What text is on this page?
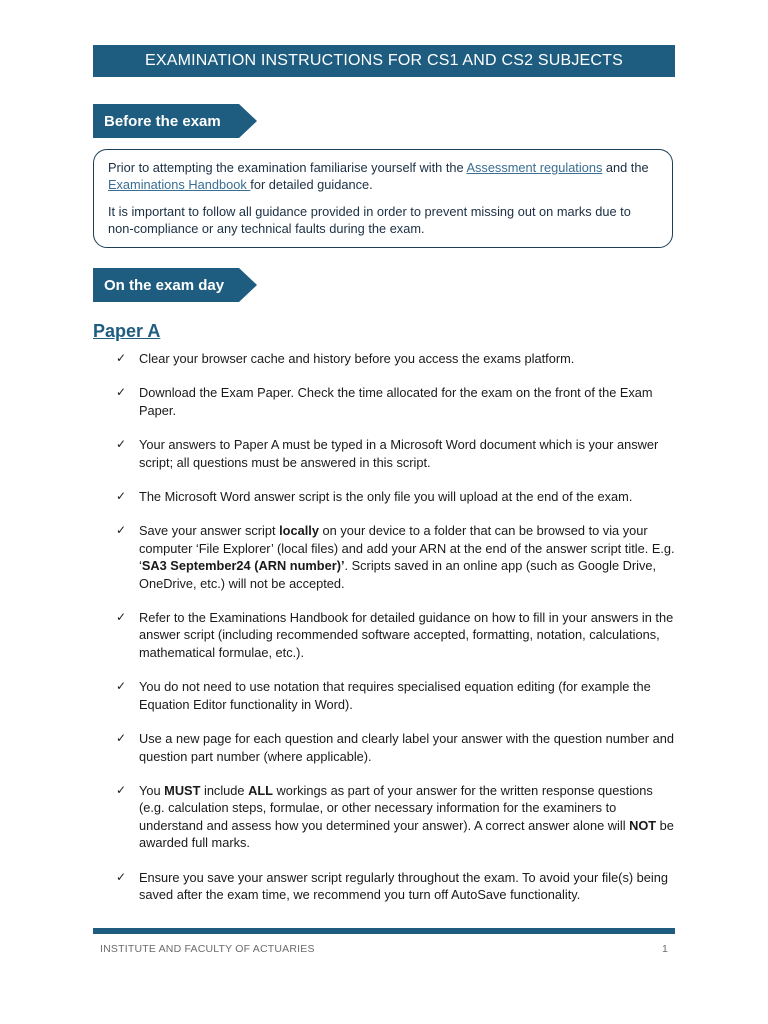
EXAMINATION INSTRUCTIONS FOR CS1 AND CS2 SUBJECTS
Before the exam

Prior to attempting the examination familiarise yourself with the Assessment regulations and the Examinations Handbook for detailed guidance.

It is important to follow all guidance provided in order to prevent missing out on marks due to non-compliance or any technical faults during the exam.

On the exam day
Paper A
✓ Clear your browser cache and history before you access the exams platform.
✓ Download the Exam Paper. Check the time allocated for the exam on the front of the Exam Paper.
✓ Your answers to Paper A must be typed in a Microsoft Word document which is your answer script; all questions must be answered in this script.
✓ The Microsoft Word answer script is the only file you will upload at the end of the exam.
✓ Save your answer script locally on your device to a folder that can be browsed to via your computer ‘File Explorer’ (local files) and add your ARN at the end of the answer script title. E.g. ‘SA3 September24 (ARN number)’. Scripts saved in an online app (such as Google Drive, OneDrive, etc.) will not be accepted.
✓ Refer to the Examinations Handbook for detailed guidance on how to fill in your answers in the answer script (including recommended software accepted, formatting, notation, calculations, mathematical formulae, etc.).
✓ You do not need to use notation that requires specialised equation editing (for example the Equation Editor functionality in Word).
✓ Use a new page for each question and clearly label your answer with the question number and question part number (where applicable).
✓ You MUST include ALL workings as part of your answer for the written response questions (e.g. calculation steps, formulae, or other necessary information for the examiners to understand and assess how you determined your answer). A correct answer alone will NOT be awarded full marks.
✓ Ensure you save your answer script regularly throughout the exam. To avoid your file(s) being saved after the exam time, we recommend you turn off AutoSave functionality.
INSTITUTE AND FACULTY OF ACTUARIES	1
